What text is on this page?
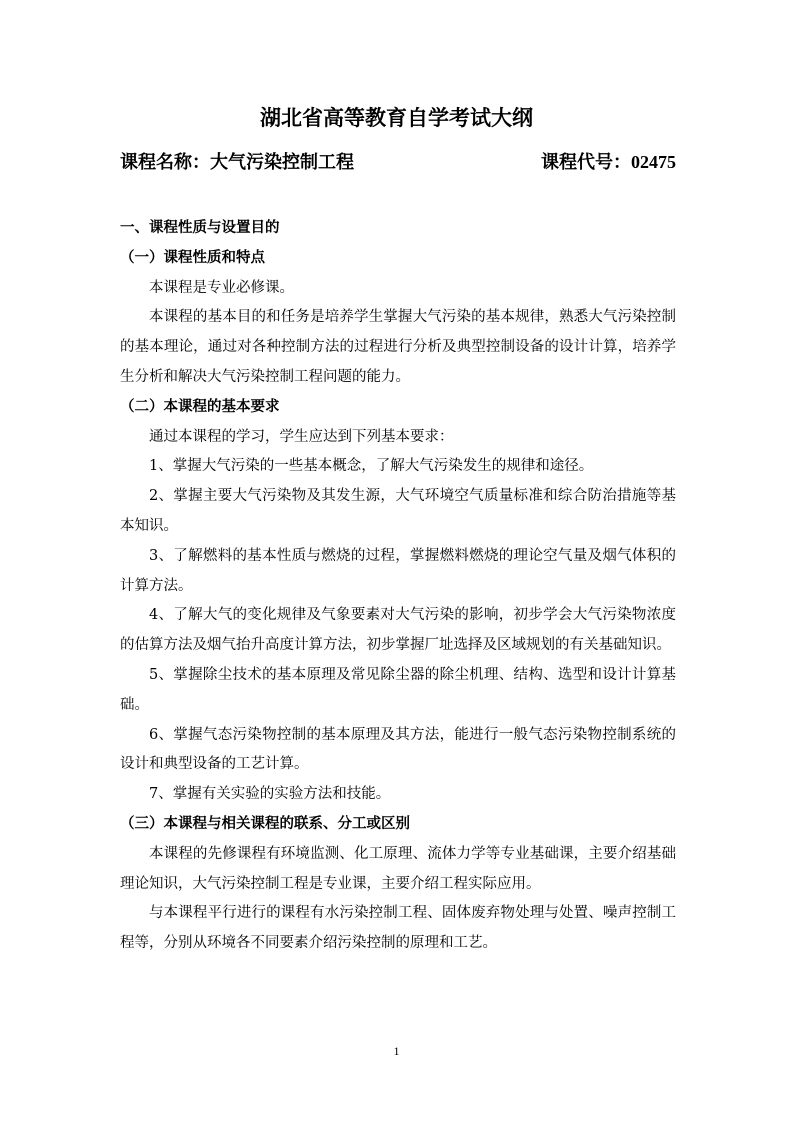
湖北省高等教育自学考试大纲
课程名称：大气污染控制工程	课程代号：02475

一、课程性质与设置目的

（一）课程性质和特点

本课程是专业必修课。

本课程的基本目的和任务是培养学生掌握大气污染的基本规律，熟悉大气污染控制的基本理论，通过对各种控制方法的过程进行分析及典型控制设备的设计计算，培养学生分析和解决大气污染控制工程问题的能力。

（二）本课程的基本要求

通过本课程的学习，学生应达到下列基本要求：

1、掌握大气污染的一些基本概念，了解大气污染发生的规律和途径。

2、掌握主要大气污染物及其发生源，大气环境空气质量标准和综合防治措施等基本知识。

3、了解燃料的基本性质与燃烧的过程，掌握燃料燃烧的理论空气量及烟气体积的计算方法。

4、了解大气的变化规律及气象要素对大气污染的影响，初步学会大气污染物浓度的估算方法及烟气抬升高度计算方法，初步掌握厂址选择及区域规划的有关基础知识。

5、掌握除尘技术的基本原理及常见除尘器的除尘机理、结构、选型和设计计算基础。

6、掌握气态污染物控制的基本原理及其方法，能进行一般气态污染物控制系统的设计和典型设备的工艺计算。

7、掌握有关实验的实验方法和技能。

（三）本课程与相关课程的联系、分工或区别

本课程的先修课程有环境监测、化工原理、流体力学等专业基础课，主要介绍基础理论知识，大气污染控制工程是专业课，主要介绍工程实际应用。

与本课程平行进行的课程有水污染控制工程、固体废弃物处理与处置、噪声控制工程等，分别从环境各不同要素介绍污染控制的原理和工艺。

1
